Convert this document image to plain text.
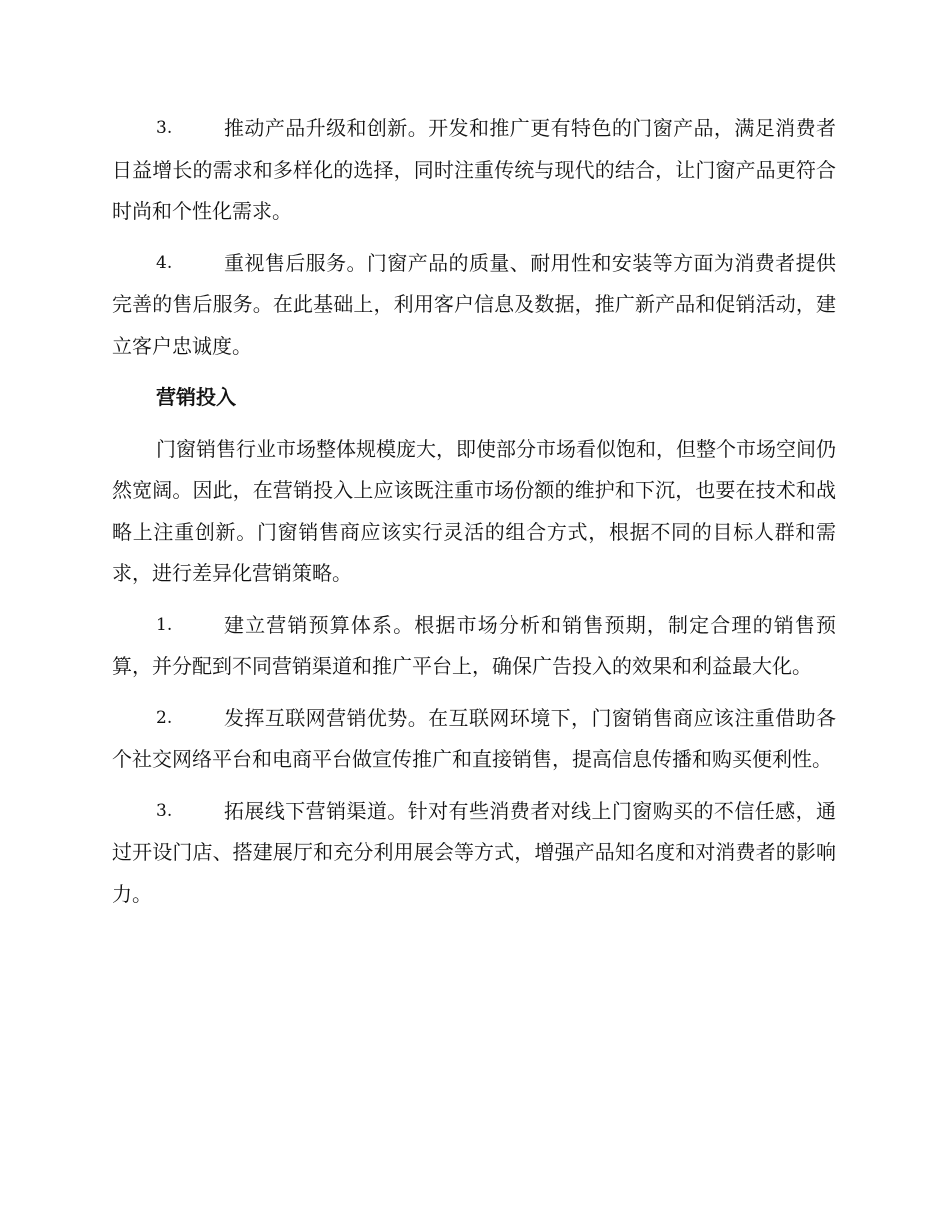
3.	推动产品升级和创新。开发和推广更有特色的门窗产品，满足消费者日益增长的需求和多样化的选择，同时注重传统与现代的结合，让门窗产品更符合时尚和个性化需求。

4.	重视售后服务。门窗产品的质量、耐用性和安装等方面为消费者提供完善的售后服务。在此基础上，利用客户信息及数据，推广新产品和促销活动，建立客户忠诚度。

营销投入

门窗销售行业市场整体规模庞大，即使部分市场看似饱和，但整个市场空间仍然宽阔。因此，在营销投入上应该既注重市场份额的维护和下沉，也要在技术和战略上注重创新。门窗销售商应该实行灵活的组合方式，根据不同的目标人群和需求，进行差异化营销策略。

1.	建立营销预算体系。根据市场分析和销售预期，制定合理的销售预算，并分配到不同营销渠道和推广平台上，确保广告投入的效果和利益最大化。

2.	发挥互联网营销优势。在互联网环境下，门窗销售商应该注重借助各个社交网络平台和电商平台做宣传推广和直接销售，提高信息传播和购买便利性。

3.	拓展线下营销渠道。针对有些消费者对线上门窗购买的不信任感，通过开设门店、搭建展厅和充分利用展会等方式，增强产品知名度和对消费者的影响力。
